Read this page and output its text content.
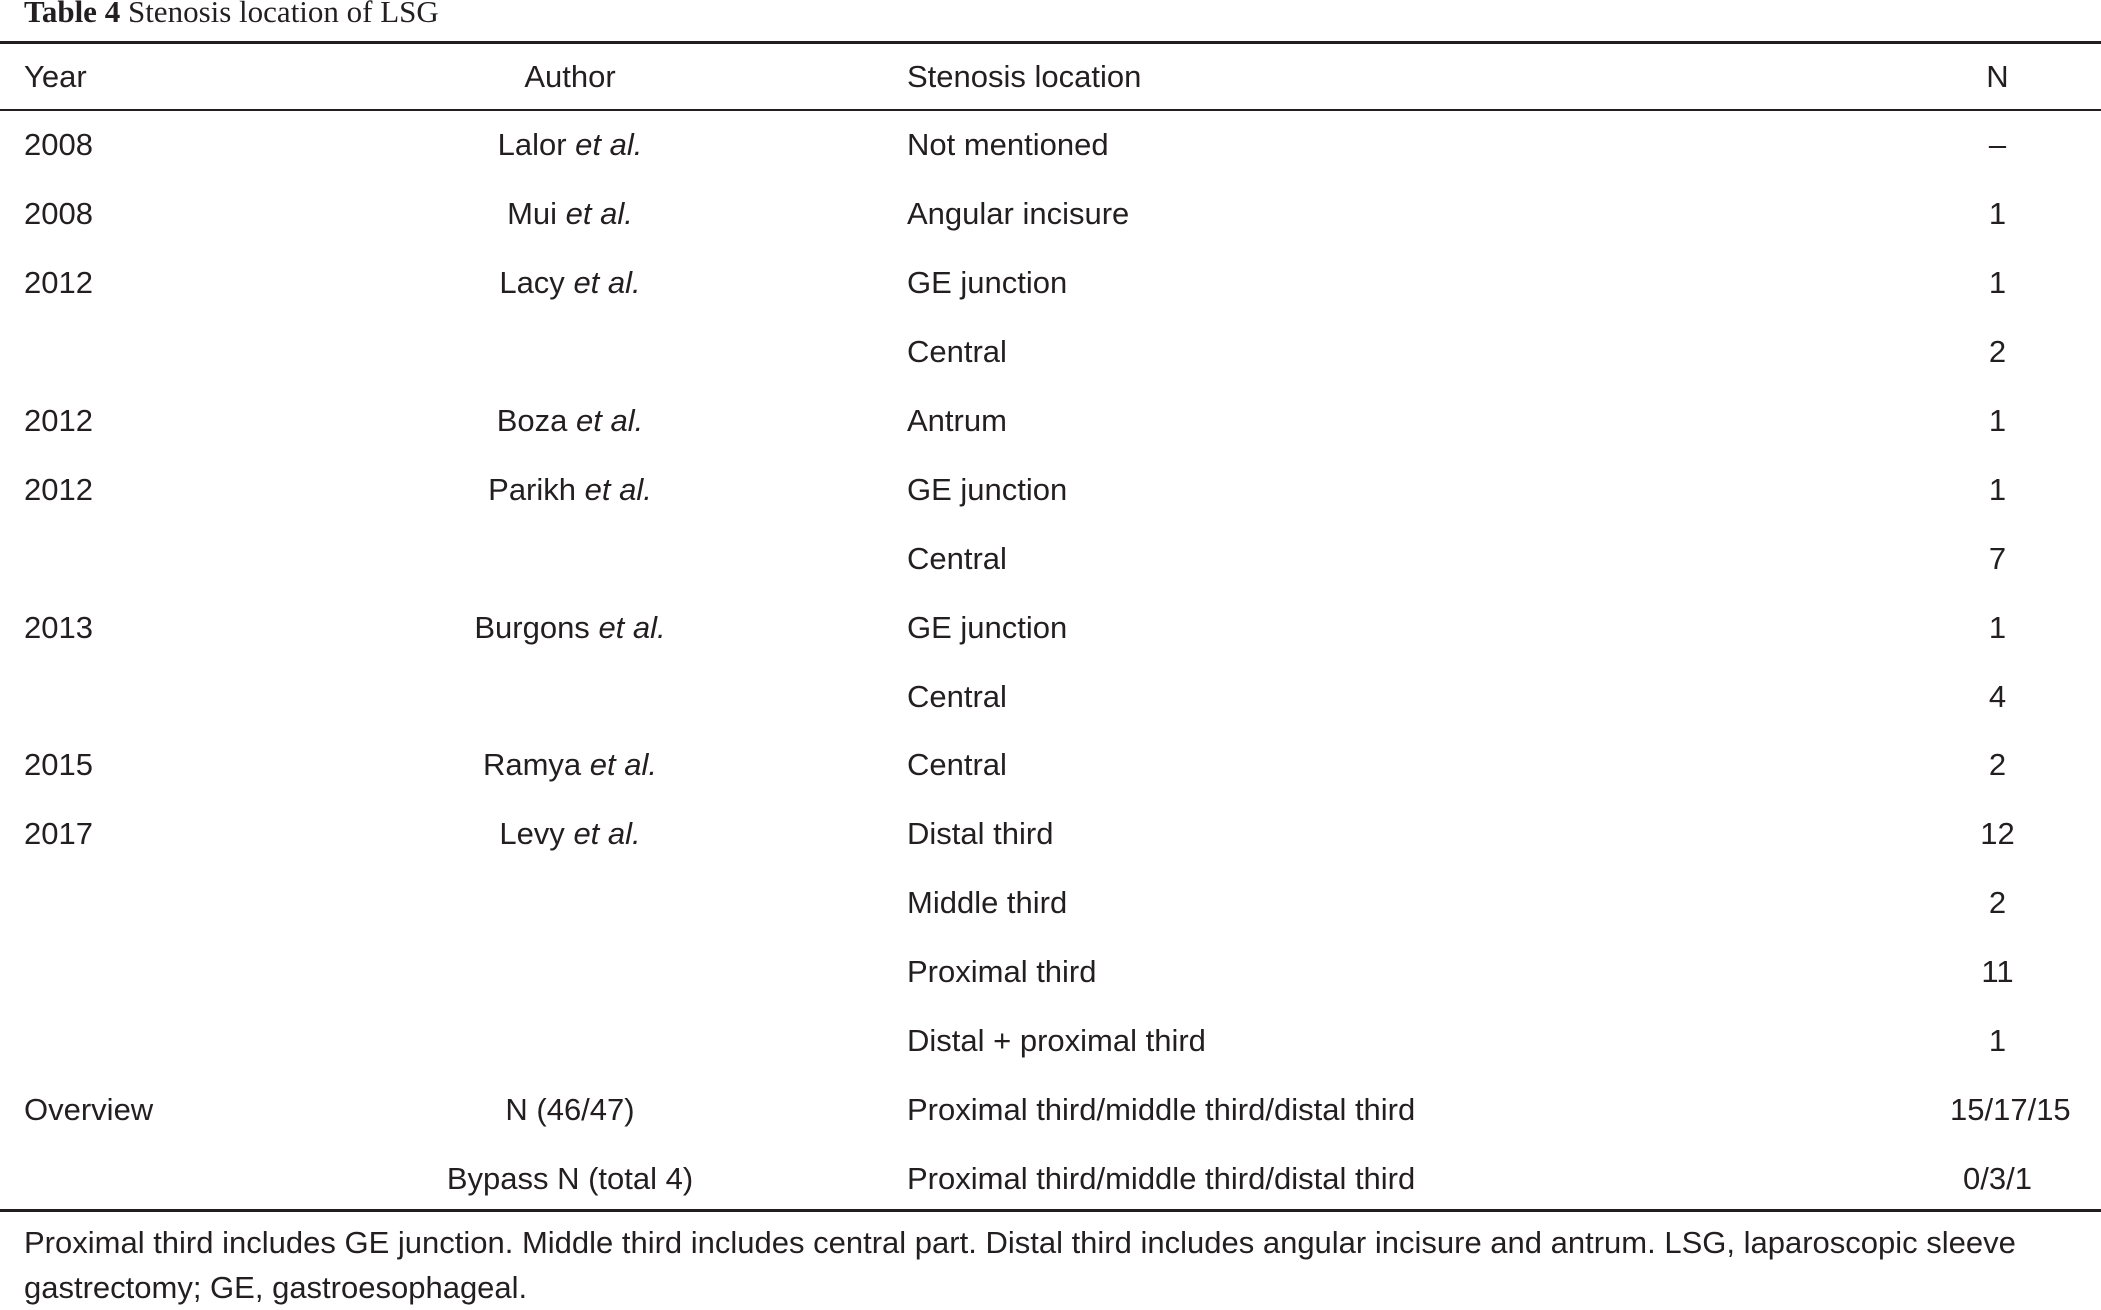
Table 4 Stenosis location of LSG
Year	Author	Stenosis location	N

2008	Lalor et al.	Not mentioned	–
2008	Mui et al.	Angular incisure	1
2012	Lacy et al.	GE junction	1
		Central	2
2012	Boza et al.	Antrum	1
2012	Parikh et al.	GE junction	1
		Central	7
2013	Burgons et al.	GE junction	1
		Central	4
2015	Ramya et al.	Central	2
2017	Levy et al.	Distal third	12
		Middle third	2
		Proximal third	11
		Distal + proximal third	1
Overview	N (46/47)	Proximal third/middle third/distal third	15/17/15
	Bypass N (total 4)	Proximal third/middle third/distal third	0/3/1
Proximal third includes GE junction. Middle third includes central part. Distal third includes angular incisure and antrum. LSG, laparoscopic sleeve gastrectomy; GE, gastroesophageal.
